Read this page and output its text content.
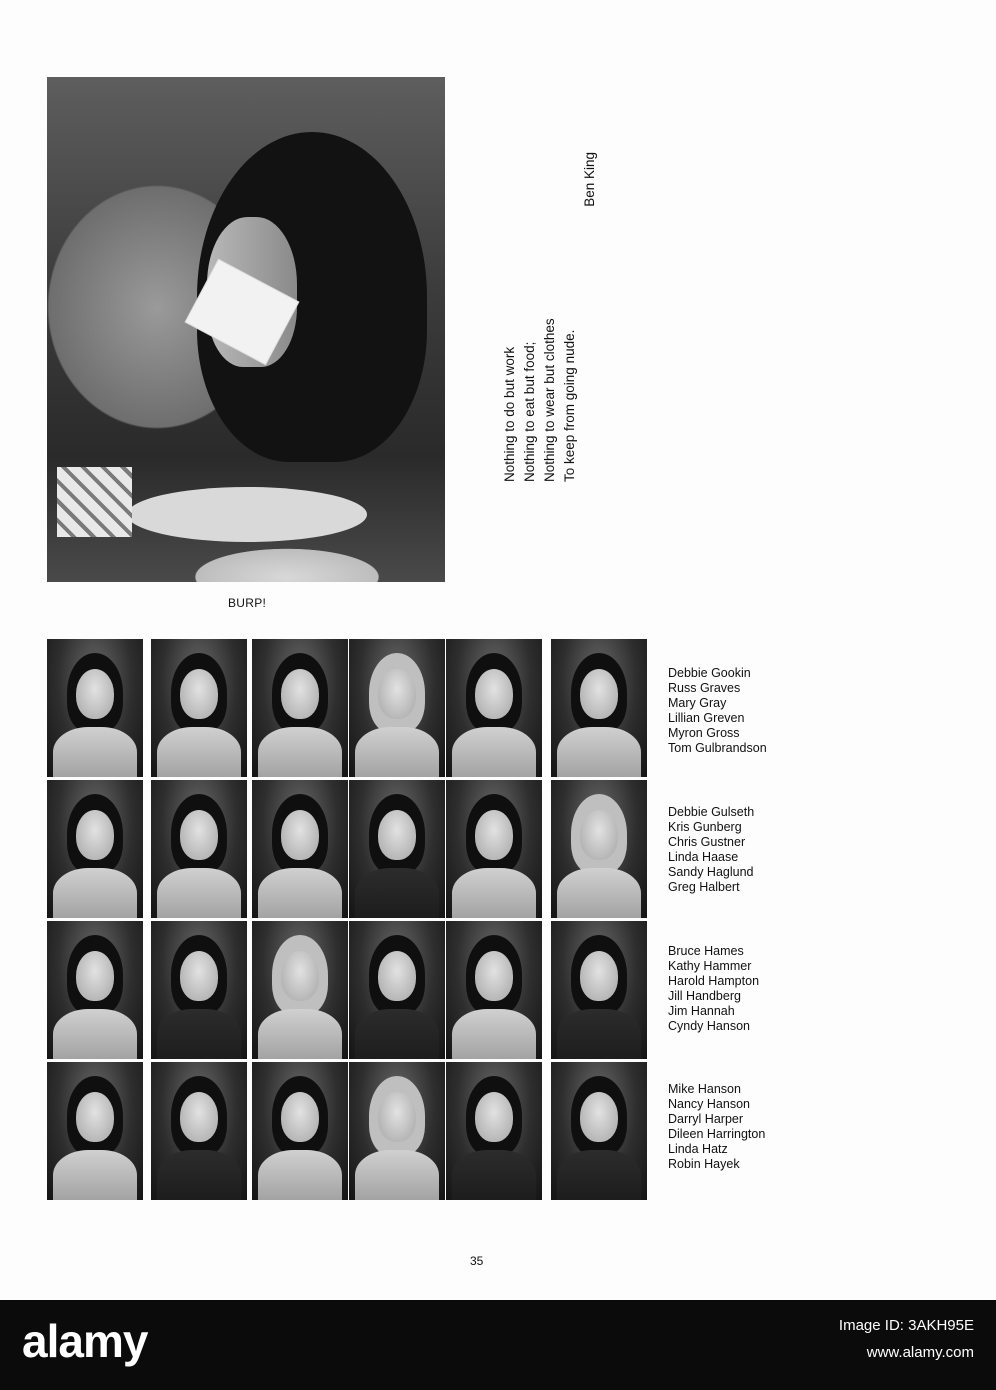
BURP!
Nothing to do but work Nothing to eat but food; Nothing to wear but clothes To keep from going nude.
Ben King
Debbie Gookin
Russ Graves
Mary Gray
Lillian Greven
Myron Gross
Tom Gulbrandson
Debbie Gulseth
Kris Gunberg
Chris Gustner
Linda Haase
Sandy Haglund
Greg Halbert
Bruce Hames
Kathy Hammer
Harold Hampton
Jill Handberg
Jim Hannah
Cyndy Hanson
Mike Hanson
Nancy Hanson
Darryl Harper
Dileen Harrington
Linda Hatz
Robin Hayek
35
alamy	Image ID: 3AKH95E
www.alamy.com
